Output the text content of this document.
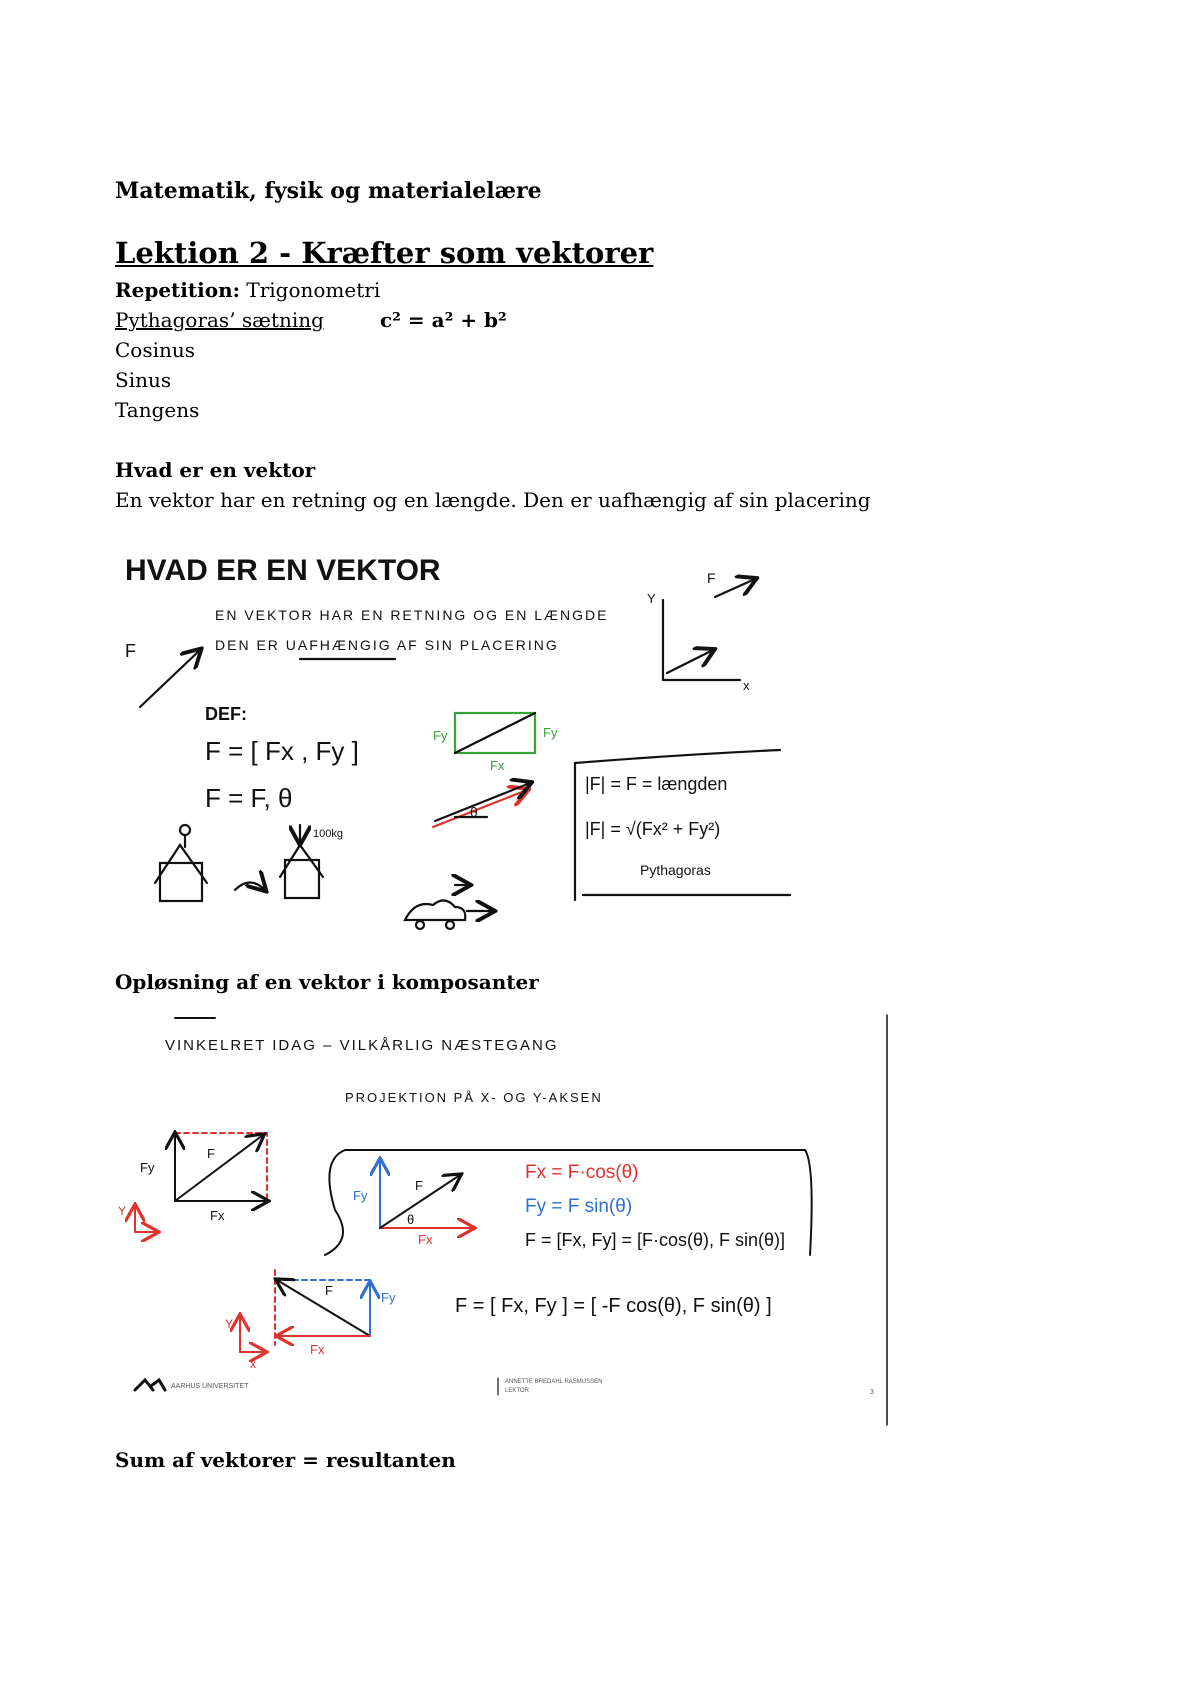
Matematik, fysik og materialelære
Lektion 2 - Kræfter som vektorer
Repetition: Trigonometri
Pythagoras’ sætning	c² = a² + b²
Cosinus
Sinus
Tangens
Hvad er en vektor
En vektor har en retning og en længde. Den er uafhængig af sin placering
HVAD ER EN VEKTOR
EN VEKTOR HAR EN RETNING OG EN LÆNGDE
DEN ER UAFHÆNGIG AF SIN PLACERING
F
DEF:
F = [ Fx , Fy ]
F = F, θ
100kg
Fy	Fy
Fx
θ
Y
x
F
|F| = F = længden
|F| = √(Fx² + Fy²)
Pythagoras
Opløsning af en vektor i komposanter
VINKELRET IDAG – VILKÅRLIG NÆSTEGANG
PROJEKTION PÅ X- OG Y-AKSEN
Fy
Fx
F
Y
Fy
Fx
F
θ
Fx = F·cos(θ)
Fy = F sin(θ)
F = [Fx, Fy] = [F·cos(θ), F sin(θ)]
Fy
Fx
F
Y
x
F = [ Fx, Fy ] = [ -F cos(θ), F sin(θ) ]
AARHUS UNIVERSITET
ANNETTE BREDAHL RASMUSSEN
LEKTOR	3
Sum af vektorer = resultanten
